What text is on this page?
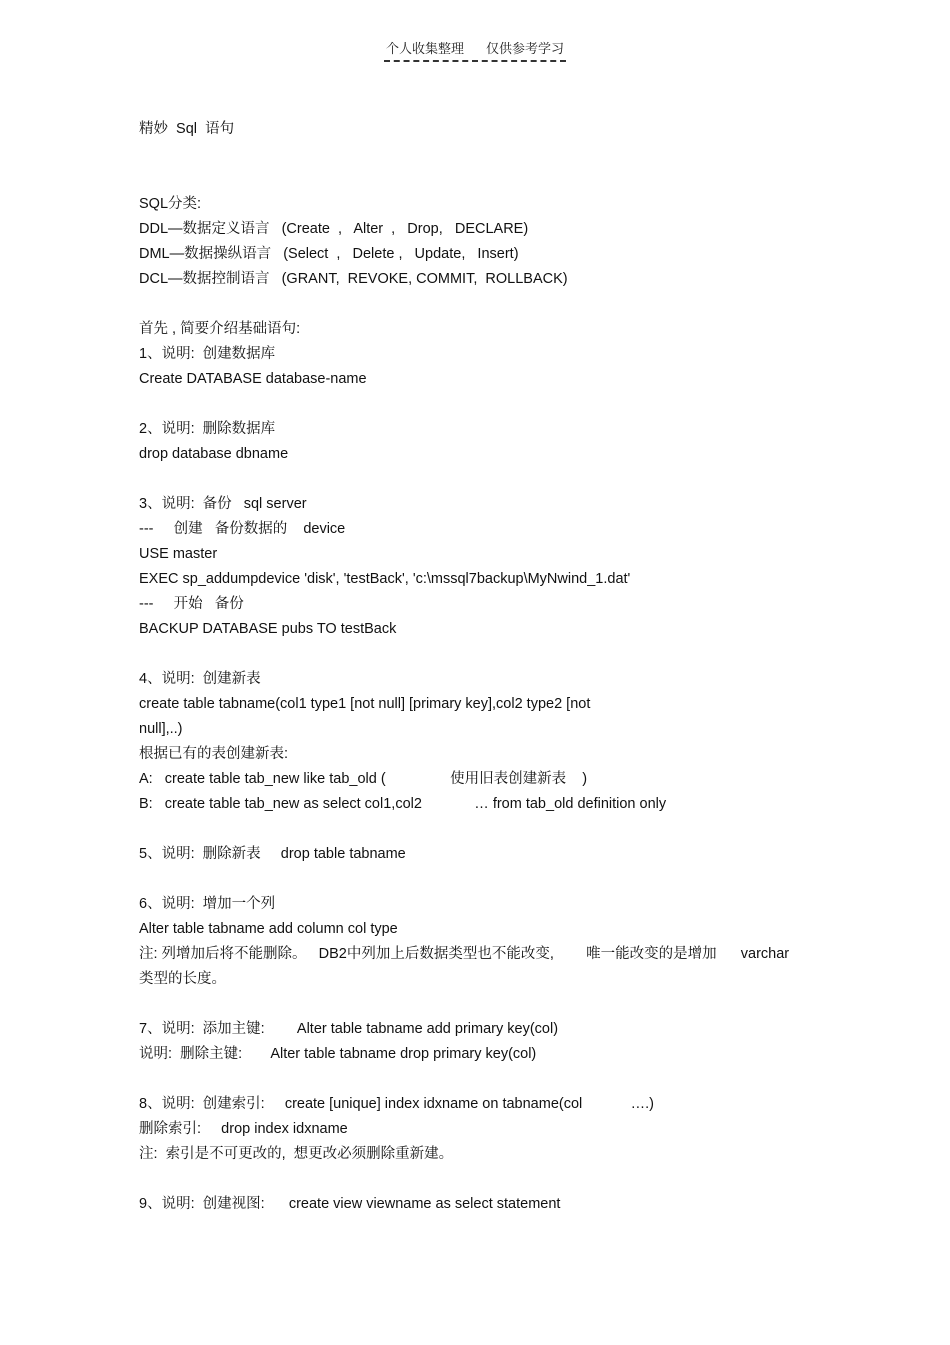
个人收集整理 仅供参考学习
精妙  Sql  语句
SQL分类:
DDL—数据定义语言   (Create  ,   Alter  ,   Drop,   DECLARE)
DML—数据操纵语言   (Select  ,   Delete ,   Update,   Insert)
DCL—数据控制语言   (GRANT,  REVOKE, COMMIT,  ROLLBACK)
首先 , 简要介绍基础语句:
1、说明:  创建数据库
Create DATABASE database-name
2、说明:  删除数据库
drop database dbname
3、说明:  备份   sql server
---     创建   备份数据的    device
USE master
EXEC sp_addumpdevice 'disk', 'testBack', 'c:\mssql7backup\MyNwind_1.dat'
---     开始   备份
BACKUP DATABASE pubs TO testBack
4、说明:  创建新表
create table tabname(col1 type1 [not null] [primary key],col2 type2 [not
null],..)
根据已有的表创建新表:
A:   create table tab_new like tab_old (                使用旧表创建新表    )
B:   create table tab_new as select col1,col2             … from tab_old definition only
5、说明:  删除新表     drop table tabname
6、说明:  增加一个列
Alter table tabname add column col type
注: 列增加后将不能删除。   DB2中列加上后数据类型也不能改变,        唯一能改变的是增加      varchar
类型的长度。
7、说明:  添加主键:        Alter table tabname add primary key(col)
说明:  删除主键:       Alter table tabname drop primary key(col)
8、说明:  创建索引:     create [unique] index idxname on tabname(col            ….)
删除索引:     drop index idxname
注:  索引是不可更改的,  想更改必须删除重新建。
9、说明:  创建视图:      create view viewname as select statement
